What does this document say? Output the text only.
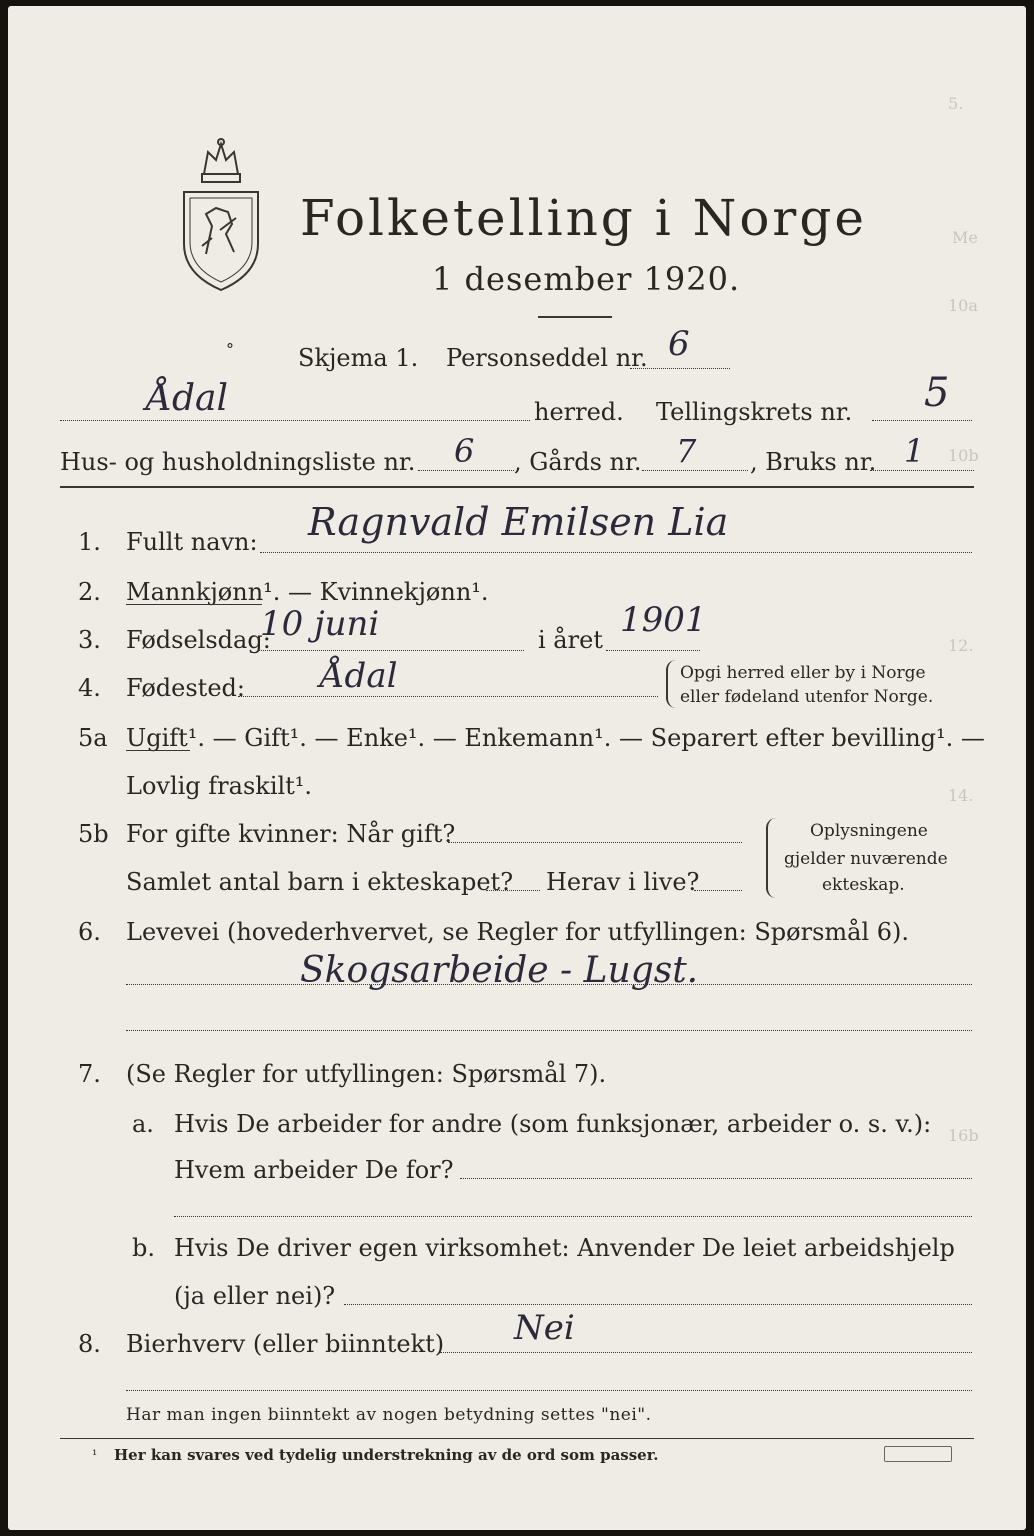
5.
Me
10a
10b
12.
14.
16b
Folketelling i Norge
1 desember 1920.
°	Skjema 1. Personseddel nr. 6
Ådal	herred. Tellingskrets nr. 5
Hus- og husholdningsliste nr. 6 , Gårds nr. 7 , Bruks nr. 1
1. Fullt navn: Ragnvald Emilsen Lia
2. Mannkjønn¹. — Kvinnekjønn¹.
3. Fødselsdag:
10 juni	i året 1901
4. Fødested: Ådal	Opgi herred eller by i Norge
eller fødeland utenfor Norge.
5a Ugift¹. — Gift¹. — Enke¹. — Enkemann¹. — Separert efter bevilling¹. —
Lovlig fraskilt¹.
5b For gifte kvinner: Når gift?
Samlet antal barn i ekteskapet? Herav i live?
Oplysningene
gjelder nuværende
ekteskap.
6. Levevei (hovederhvervet, se Regler for utfyllingen: Spørsmål 6).
Skogsarbeide - Lugst.
7. (Se Regler for utfyllingen: Spørsmål 7).
a. Hvis De arbeider for andre (som funksjonær, arbeider o. s. v.):
Hvem arbeider De for?
b. Hvis De driver egen virksomhet: Anvender De leiet arbeidshjelp
(ja eller nei)?
8. Bierhverv (eller biinntekt) Nei
Har man ingen biinntekt av nogen betydning settes "nei".
¹ Her kan svares ved tydelig understrekning av de ord som passer.
